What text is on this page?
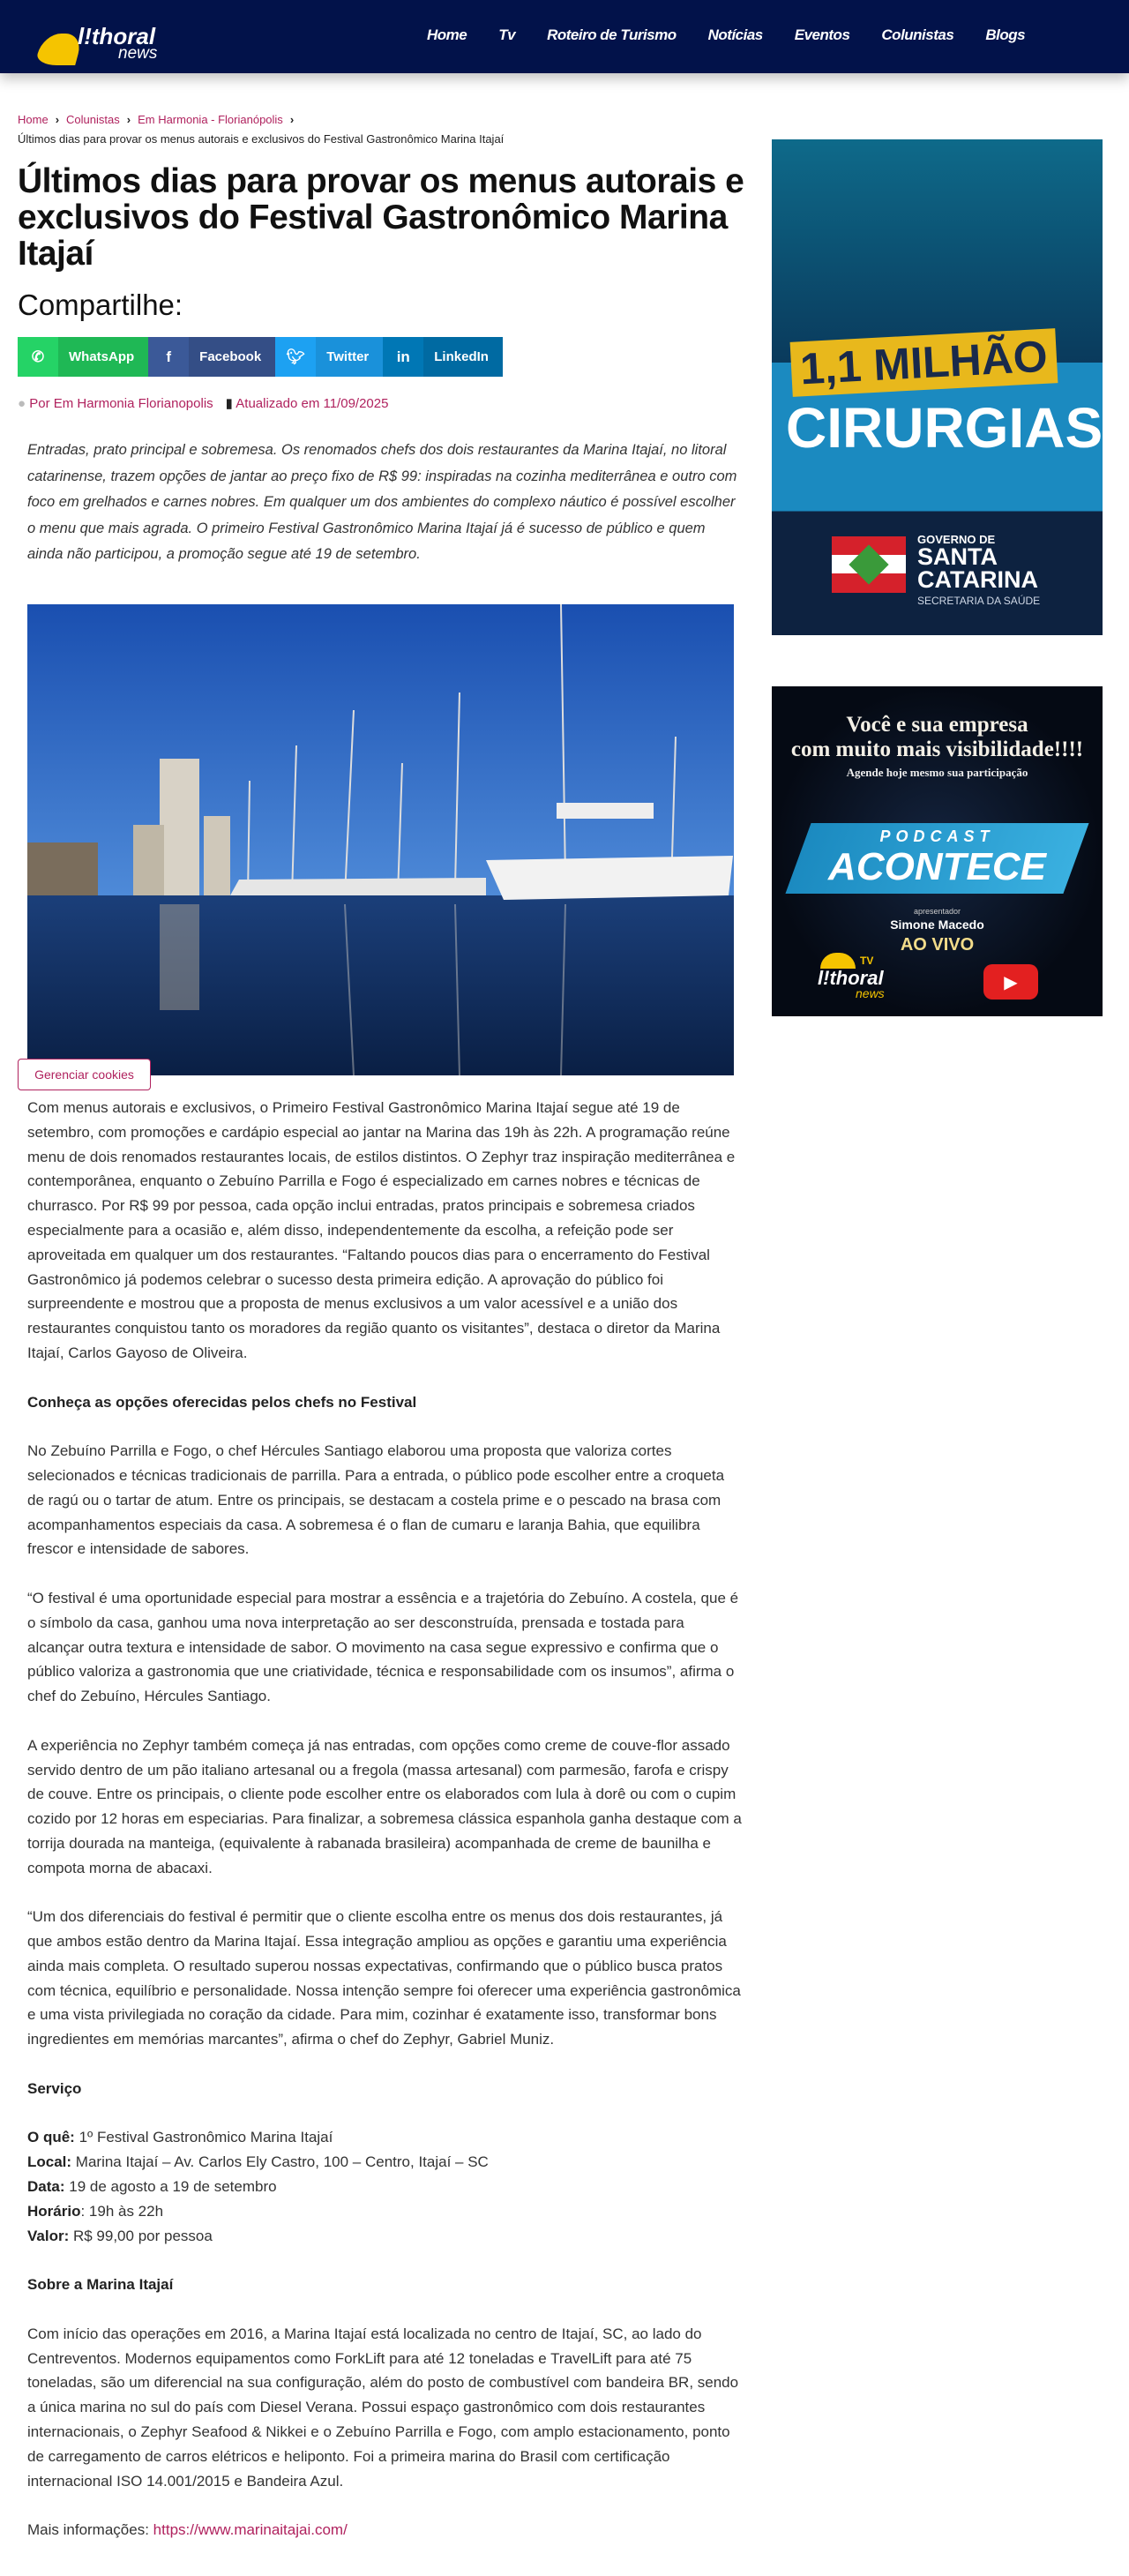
l!thoral
news
Home Tv Roteiro de Turismo Notícias Eventos Colunistas Blogs
Home › Colunistas › Em Harmonia - Florianópolis ›
Últimos dias para provar os menus autorais e exclusivos do Festival Gastronômico Marina Itajaí
Últimos dias para provar os menus autorais e exclusivos do Festival Gastronômico Marina Itajaí
Compartilhe:
✆	WhatsApp	f	Facebook	🐦︎	Twitter	in	LinkedIn
● Por Em Harmonia Florianopolis ▮ Atualizado em 11/09/2025

Entradas, prato principal e sobremesa. Os renomados chefs dos dois restaurantes da Marina Itajaí, no litoral catarinense, trazem opções de jantar ao preço fixo de R$ 99: inspiradas na cozinha mediterrânea e outro com foco em grelhados e carnes nobres. Em qualquer um dos ambientes do complexo náutico é possível escolher o menu que mais agrada. O primeiro Festival Gastronômico Marina Itajaí já é sucesso de público e quem ainda não participou, a promoção segue até 19 de setembro.

Gerenciar cookies

Com menus autorais e exclusivos, o Primeiro Festival Gastronômico Marina Itajaí segue até 19 de setembro, com promoções e cardápio especial ao jantar na Marina das 19h às 22h. A programação reúne menu de dois renomados restaurantes locais, de estilos distintos. O Zephyr traz inspiração mediterrânea e contemporânea, enquanto o Zebuíno Parrilla e Fogo é especializado em carnes nobres e técnicas de churrasco. Por R$ 99 por pessoa, cada opção inclui entradas, pratos principais e sobremesa criados especialmente para a ocasião e, além disso, independentemente da escolha, a refeição pode ser aproveitada em qualquer um dos restaurantes. “Faltando poucos dias para o encerramento do Festival Gastronômico já podemos celebrar o sucesso desta primeira edição. A aprovação do público foi surpreendente e mostrou que a proposta de menus exclusivos a um valor acessível e a união dos restaurantes conquistou tanto os moradores da região quanto os visitantes”, destaca o diretor da Marina Itajaí, Carlos Gayoso de Oliveira.

Conheça as opções oferecidas pelos chefs no Festival

No Zebuíno Parrilla e Fogo, o chef Hércules Santiago elaborou uma proposta que valoriza cortes selecionados e técnicas tradicionais de parrilla. Para a entrada, o público pode escolher entre a croqueta de ragú ou o tartar de atum. Entre os principais, se destacam a costela prime e o pescado na brasa com acompanhamentos especiais da casa. A sobremesa é o flan de cumaru e laranja Bahia, que equilibra frescor e intensidade de sabores.

“O festival é uma oportunidade especial para mostrar a essência e a trajetória do Zebuíno. A costela, que é o símbolo da casa, ganhou uma nova interpretação ao ser desconstruída, prensada e tostada para alcançar outra textura e intensidade de sabor. O movimento na casa segue expressivo e confirma que o público valoriza a gastronomia que une criatividade, técnica e responsabilidade com os insumos”, afirma o chef do Zebuíno, Hércules Santiago.

A experiência no Zephyr também começa já nas entradas, com opções como creme de couve-flor assado servido dentro de um pão italiano artesanal ou a fregola (massa artesanal) com parmesão, farofa e crispy de couve. Entre os principais, o cliente pode escolher entre os elaborados com lula à dorê ou com o cupim cozido por 12 horas em especiarias. Para finalizar, a sobremesa clássica espanhola ganha destaque com a torrija dourada na manteiga, (equivalente à rabanada brasileira) acompanhada de creme de baunilha e compota morna de abacaxi.

“Um dos diferenciais do festival é permitir que o cliente escolha entre os menus dos dois restaurantes, já que ambos estão dentro da Marina Itajaí. Essa integração ampliou as opções e garantiu uma experiência ainda mais completa. O resultado superou nossas expectativas, confirmando que o público busca pratos com técnica, equilíbrio e personalidade. Nossa intenção sempre foi oferecer uma experiência gastronômica e uma vista privilegiada no coração da cidade. Para mim, cozinhar é exatamente isso, transformar bons ingredientes em memórias marcantes”, afirma o chef do Zephyr, Gabriel Muniz.

Serviço

O quê: 1º Festival Gastronômico Marina Itajaí
Local: Marina Itajaí – Av. Carlos Ely Castro, 100 – Centro, Itajaí – SC
Data: 19 de agosto a 19 de setembro
Horário: 19h às 22h
Valor: R$ 99,00 por pessoa

Sobre a Marina Itajaí

Com início das operações em 2016, a Marina Itajaí está localizada no centro de Itajaí, SC, ao lado do Centreventos. Modernos equipamentos como ForkLift para até 12 toneladas e TravelLift para até 75 toneladas, são um diferencial na sua configuração, além do posto de combustível com bandeira BR, sendo a única marina no sul do país com Diesel Verana. Possui espaço gastronômico com dois restaurantes internacionais, o Zephyr Seafood & Nikkei e o Zebuíno Parrilla e Fogo, com amplo estacionamento, ponto de carregamento de carros elétricos e heliponto. Foi a primeira marina do Brasil com certificação internacional ISO 14.001/2015 e Bandeira Azul.

Mais informações: https://www.marinaitajai.com/

1,1 MILHÃO
CIRURGIAS
GOVERNO DE
SANTA
CATARINA
SECRETARIA DA SAÚDE
Você e sua empresa
com muito mais visibilidade!!!!
Agende hoje mesmo sua participação
PODCAST
ACONTECE
apresentador
Simone Macedo
AO VIVO
TV
l!thoral
news
▶
